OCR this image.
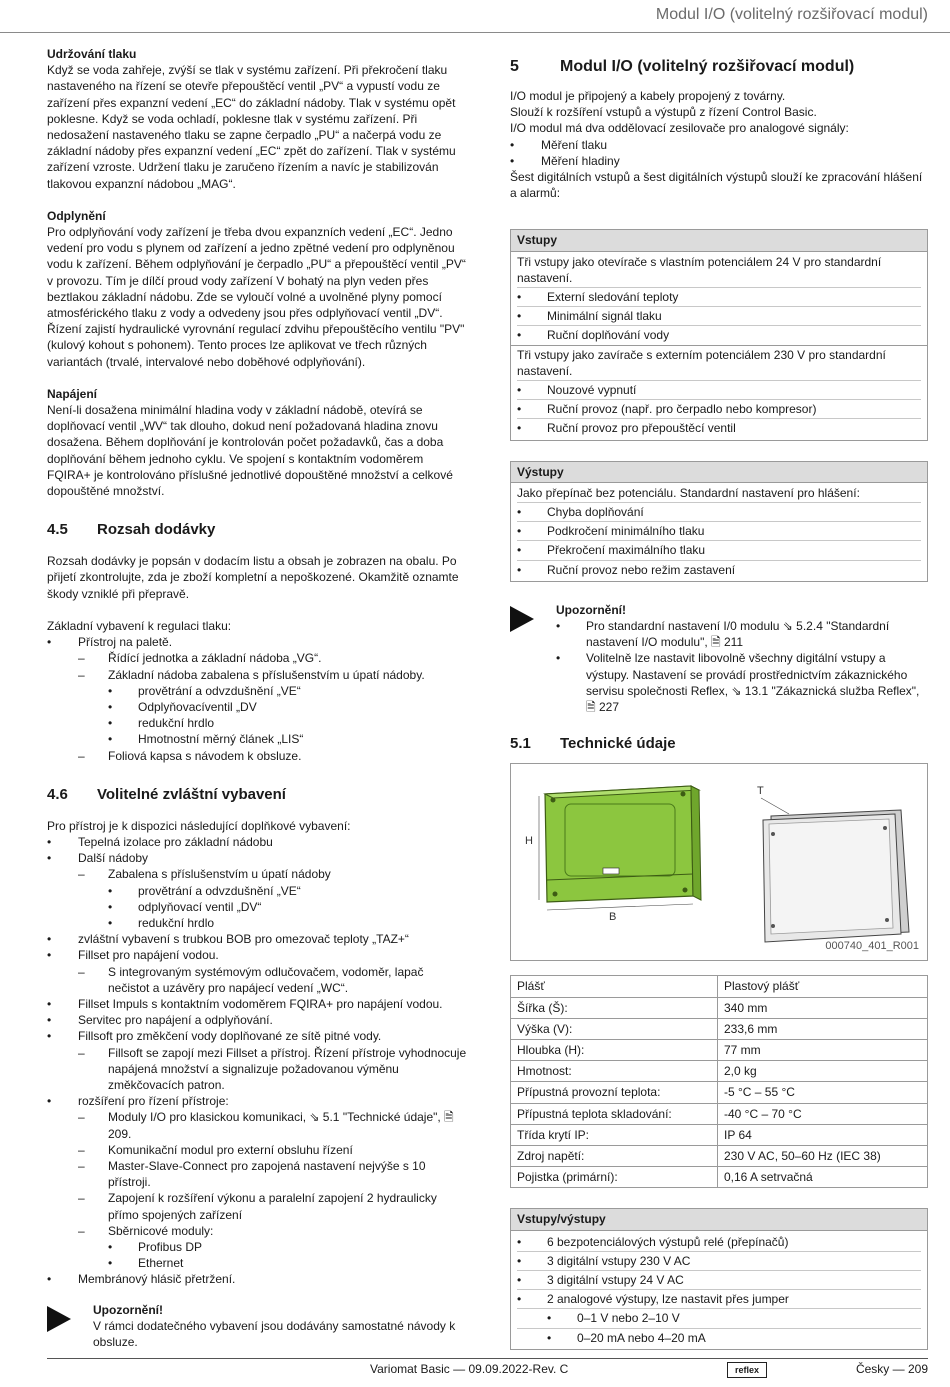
Modul I/O (volitelný rozšiřovací modul)

Udržování tlaku

Když se voda zahřeje, zvýší se tlak v systému zařízení. Při překročení tlaku nastaveného na řízení se otevře přepouštěcí ventil „PV“ a vypustí vodu ze zařízení přes expanzní vedení „EC“ do základní nádoby. Tlak v systému opět poklesne. Když se voda ochladí, poklesne tlak v systému zařízení. Při nedosažení nastaveného tlaku se zapne čerpadlo „PU“ a načerpá vodu ze základní nádoby přes expanzní vedení „EC“ zpět do zařízení. Tlak v systému zařízení vzroste. Udržení tlaku je zaručeno řízením a navíc je stabilizován tlakovou expanzní nádobou „MAG“.

Odplynění

Pro odplyňování vody zařízení je třeba dvou expanzních vedení „EC“. Jedno vedení pro vodu s plynem od zařízení a jedno zpětné vedení pro odplyněnou vodu k zařízení. Během odplyňování je čerpadlo „PU“ a přepouštěcí ventil „PV“ v provozu. Tím je dílčí proud vody zařízení V bohatý na plyn veden přes beztlakou základní nádobu. Zde se vyloučí volné a uvolněné plyny pomocí atmosférického tlaku z vody a odvedeny jsou přes odplyňovací ventil „DV“. Řízení zajistí hydraulické vyrovnání regulací zdvihu přepouštěcího ventilu "PV" (kulový kohout s pohonem). Tento proces lze aplikovat ve třech různých variantách (trvalé, intervalové nebo doběhové odplyňování).

Napájení

Není-li dosažena minimální hladina vody v základní nádobě, otevírá se doplňovací ventil „WV“ tak dlouho, dokud není požadovaná hladina znovu dosažena. Během doplňování je kontrolován počet požadavků, čas a doba doplňování během jednoho cyklu. Ve spojení s kontaktním vodoměrem FQIRA+ je kontrolováno příslušné jednotlivé dopouštěné množství a celkové dopouštěné množství.

4.5	Rozsah dodávky

Rozsah dodávky je popsán v dodacím listu a obsah je zobrazen na obalu. Po přijetí zkontrolujte, zda je zboží kompletní a nepoškozené. Okamžitě oznamte škody vzniklé při přepravě.

Základní vybavení k regulaci tlaku:

• Přístroj na paletě.
– Řídící jednotka a základní nádoba „VG“.
– Základní nádoba zabalena s příslušenstvím u úpatí nádoby.
• provětrání a odvzdušnění „VE“
• Odplyňovacíventil „DV
• redukční hrdlo
• Hmotnostní měrný článek „LIS“
– Foliová kapsa s návodem k obsluze.
4.6	Volitelné zvláštní vybavení

Pro přístroj je k dispozici následující doplňkové vybavení:

• Tepelná izolace pro základní nádobu
• Další nádoby
– Zabalena s příslušenstvím u úpatí nádoby
• provětrání a odvzdušnění „VE“
• odplyňovací ventil „DV“
• redukční hrdlo
• zvláštní vybavení s trubkou BOB pro omezovač teploty „TAZ+“
• Fillset pro napájení vodou.
– S integrovaným systémovým odlučovačem, vodoměr, lapač nečistot a uzávěry pro napájecí vedení „WC“.
• Fillset Impuls s kontaktním vodoměrem FQIRA+ pro napájení vodou.
• Servitec pro napájení a odplyňování.
• Fillsoft pro změkčení vody doplňované ze sítě pitné vody.
– Fillsoft se zapojí mezi Fillset a přístroj. Řízení přístroje vyhodnocuje napájená množství a signalizuje požadovanou výměnu změkčovacích patron.
• rozšíření pro řízení přístroje:
– Moduly I/O pro klasickou komunikaci, ⇘ 5.1 "Technické údaje", 🗎 209.
– Komunikační modul pro externí obsluhu řízení
– Master-Slave-Connect pro zapojená nastavení nejvýše s 10 přístroji.
– Zapojení k rozšíření výkonu a paralelní zapojení 2 hydraulicky přímo spojených zařízení
– Sběrnicové moduly:
• Profibus DP
• Ethernet
• Membránový hlásič přetržení.
Upozornění!
V rámci dodatečného vybavení jsou dodávány samostatné návody k obsluze.
5	Modul I/O (volitelný rozšiřovací modul)

I/O modul je připojený a kabely propojený z továrny.

Slouží k rozšíření vstupů a výstupů z řízení Control Basic.

I/O modul má dva oddělovací zesilovače pro analogové signály:

• Měření tlaku
• Měření hladiny

Šest digitálních vstupů a šest digitálních výstupů slouží ke zpracování hlášení a alarmů:

Vstupy
Tři vstupy jako otevírače s vlastním potenciálem 24 V pro standardní nastavení.
• Externí sledování teploty
• Minimální signál tlaku
• Ruční doplňování vody
Tři vstupy jako zavírače s externím potenciálem 230 V pro standardní nastavení.
• Nouzové vypnutí
• Ruční provoz (např. pro čerpadlo nebo kompresor)
• Ruční provoz pro přepouštěcí ventil
Výstupy
Jako přepínač bez potenciálu. Standardní nastavení pro hlášení:
• Chyba doplňování
• Podkročení minimálního tlaku
• Překročení maximálního tlaku
• Ruční provoz nebo režim zastavení
Upozornění!
• Pro standardní nastavení I/0 modulu ⇘ 5.2.4 "Standardní nastavení I/O modulu", 🗎 211
• Volitelně lze nastavit libovolně všechny digitální vstupy a výstupy. Nastavení se provádí prostřednictvím zákaznického servisu společnosti Reflex, ⇘ 13.1 "Zákaznická služba Reflex", 🗎 227
5.1	Technické údaje
H
B
T
000740_401_R001
Plášť	Plastový plášť
Šířka (Š):	340 mm
Výška (V):	233,6 mm
Hloubka (H):	77 mm
Hmotnost:	2,0 kg
Přípustná provozní teplota:	-5 °C – 55 °C
Přípustná teplota skladování:	-40 °C – 70 °C
Třída krytí IP:	IP 64
Zdroj napětí:	230 V AC, 50–60 Hz (IEC 38)
Pojistka (primární):	0,16 A setrvačná
Vstupy/výstupy
• 6 bezpotenciálových výstupů relé (přepínačů)
• 3 digitální vstupy 230 V AC
• 3 digitální vstupy 24 V AC
• 2 analogové výstupy, lze nastavit přes jumper
• 0–1 V nebo 2–10 V
• 0–20 mA nebo 4–20 mA
Variomat Basic — 09.09.2022-Rev. C	reflex	Česky — 209
